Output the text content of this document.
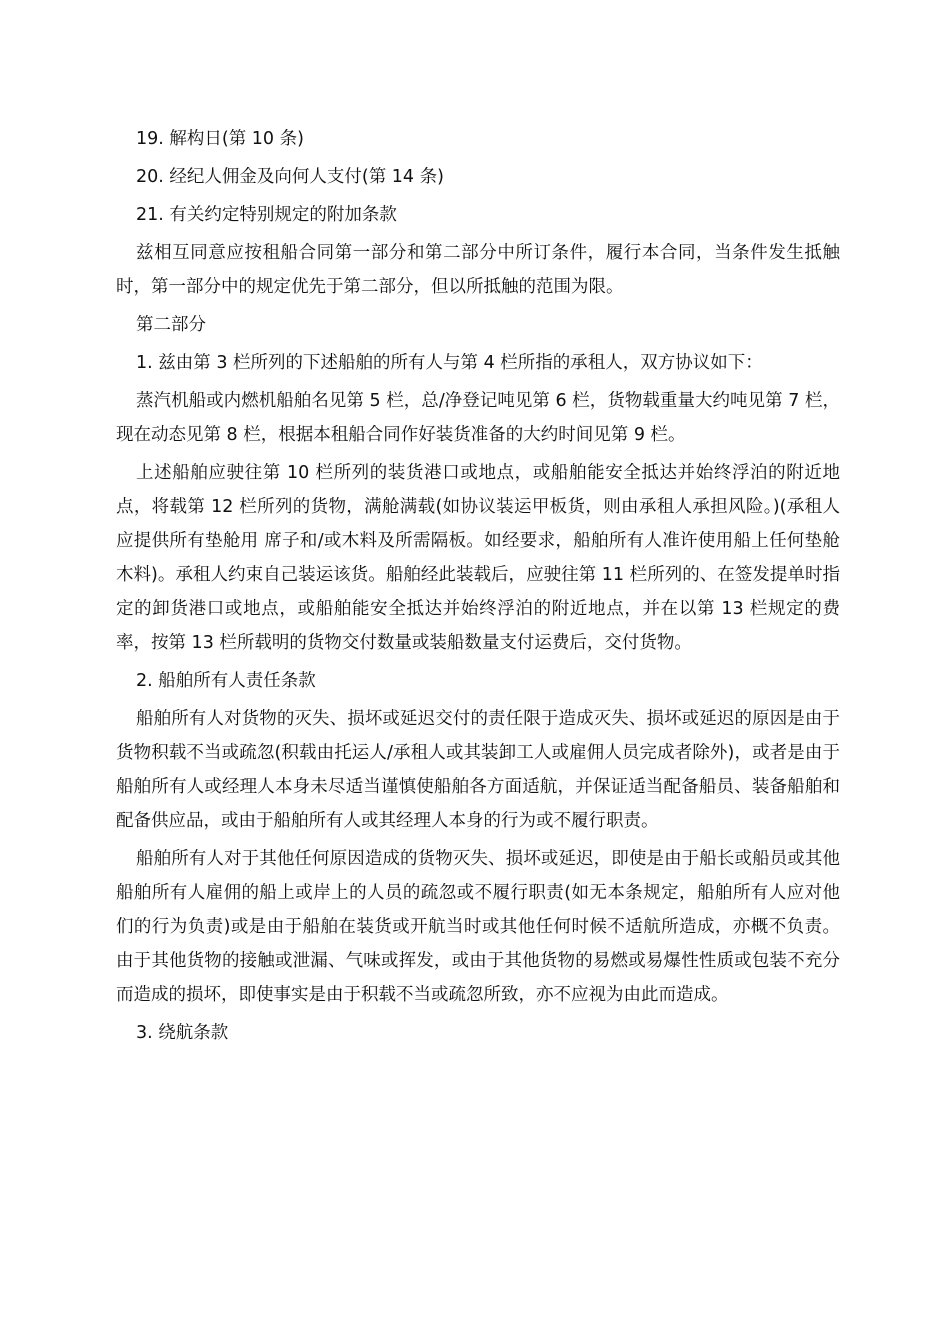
19. 解构日(第 10 条)

20. 经纪人佣金及向何人支付(第 14 条)

21. 有关约定特别规定的附加条款

兹相互同意应按租船合同第一部分和第二部分中所订条件，履行本合同，当条件发生抵触时，第一部分中的规定优先于第二部分，但以所抵触的范围为限。

第二部分

1. 兹由第 3 栏所列的下述船舶的所有人与第 4 栏所指的承租人，双方协议如下：

蒸汽机船或内燃机船舶名见第 5 栏，总/净登记吨见第 6 栏，货物载重量大约吨见第 7 栏，现在动态见第 8 栏，根据本租船合同作好装货准备的大约时间见第 9 栏。

上述船舶应驶往第 10 栏所列的装货港口或地点，或船舶能安全抵达并始终浮泊的附近地点，将载第 12 栏所列的货物，满舱满载(如协议装运甲板货，则由承租人承担风险。)(承租人应提供所有垫舱用 席子和/或木料及所需隔板。如经要求，船舶所有人准许使用船上任何垫舱木料)。承租人约束自己装运该货。船舶经此装载后，应驶往第 11 栏所列的、在签发提单时指定的卸货港口或地点，或船舶能安全抵达并始终浮泊的附近地点，并在以第 13 栏规定的费率，按第 13 栏所载明的货物交付数量或装船数量支付运费后，交付货物。

2. 船舶所有人责任条款

船舶所有人对货物的灭失、损坏或延迟交付的责任限于造成灭失、损坏或延迟的原因是由于货物积载不当或疏忽(积载由托运人/承租人或其装卸工人或雇佣人员完成者除外)，或者是由于船舶所有人或经理人本身未尽适当谨慎使船舶各方面适航，并保证适当配备船员、装备船舶和配备供应品，或由于船舶所有人或其经理人本身的行为或不履行职责。

船舶所有人对于其他任何原因造成的货物灭失、损坏或延迟，即使是由于船长或船员或其他船舶所有人雇佣的船上或岸上的人员的疏忽或不履行职责(如无本条规定，船舶所有人应对他们的行为负责)或是由于船舶在装货或开航当时或其他任何时候不适航所造成，亦概不负责。由于其他货物的接触或泄漏、气味或挥发，或由于其他货物的易燃或易爆性性质或包装不充分而造成的损坏，即使事实是由于积载不当或疏忽所致，亦不应视为由此而造成。

3. 绕航条款
